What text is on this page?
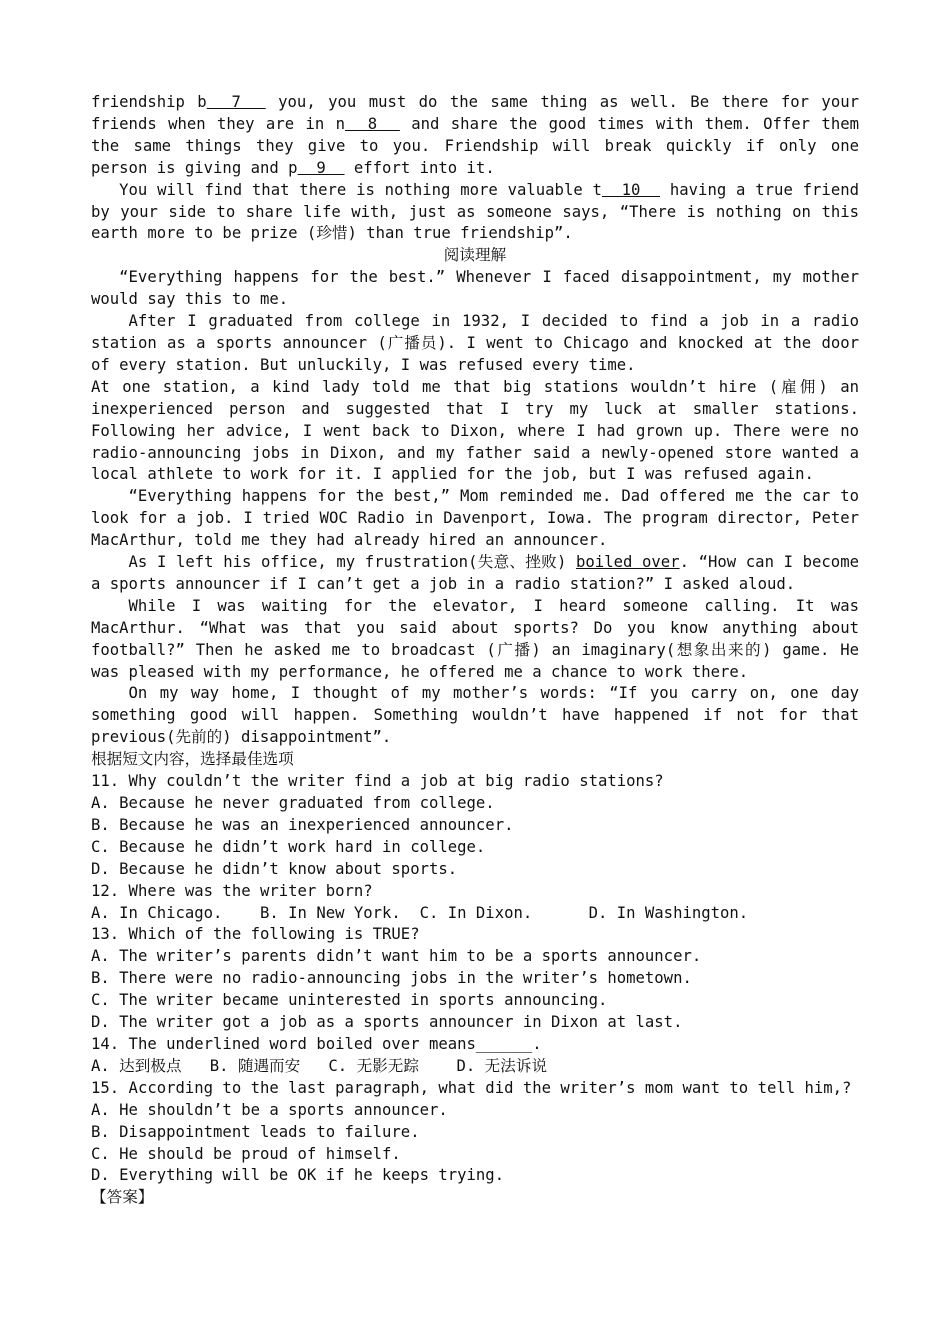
friendship b  7   you, you must do the same thing as well. Be there for your friends when they are in n  8   and share the good times with them. Offer them the same things they give to you. Friendship will break quickly if only one person is giving and p  9   effort into it.

You will find that there is nothing more valuable t  10   having a true friend by your side to share life with, just as someone says, “There is nothing on this earth more to be prize (珍惜) than true friendship”.

阅读理解

“Everything happens for the best.” Whenever I faced disappointment, my mother would say this to me.

After I graduated from college in 1932, I decided to find a job in a radio station as a sports announcer (广播员). I went to Chicago and knocked at the door of every station. But unluckily, I was refused every time.

At one station, a kind lady told me that big stations wouldn’t hire (雇佣) an inexperienced person and suggested that I try my luck at smaller stations. Following her advice, I went back to Dixon, where I had grown up. There were no radio-announcing jobs in Dixon, and my father said a newly-opened store wanted a local athlete to work for it. I applied for the job, but I was refused again.

“Everything happens for the best,” Mom reminded me. Dad offered me the car to look for a job. I tried WOC Radio in Davenport, Iowa. The program director, Peter MacArthur, told me they had already hired an announcer.

As I left his office, my frustration(失意、挫败) boiled over. “How can I become a sports announcer if I can’t get a job in a radio station?” I asked aloud.

While I was waiting for the elevator, I heard someone calling. It was MacArthur. “What was that you said about sports? Do you know anything about football?” Then he asked me to broadcast (广播) an imaginary(想象出来的) game. He was pleased with my performance, he offered me a chance to work there.

On my way home, I thought of my mother’s words: “If you carry on, one day something good will happen. Something wouldn’t have happened if not for that previous(先前的) disappointment”.

根据短文内容，选择最佳选项

11. Why couldn’t the writer find a job at big radio stations?

A. Because he never graduated from college.

B. Because he was an inexperienced announcer.

C. Because he didn’t work hard in college.

D. Because he didn’t know about sports.

12. Where was the writer born?

A. In Chicago.    B. In New York.  C. In Dixon.      D. In Washington.

13. Which of the following is TRUE?

A. The writer’s parents didn’t want him to be a sports announcer.

B. There were no radio-announcing jobs in the writer’s hometown.

C. The writer became uninterested in sports announcing.

D. The writer got a job as a sports announcer in Dixon at last.

14. The underlined word boiled over means______.

A. 达到极点   B. 随遇而安   C. 无影无踪    D. 无法诉说

15. According to the last paragraph, what did the writer’s mom want to tell him,?

A. He shouldn’t be a sports announcer.

B. Disappointment leads to failure.

C. He should be proud of himself.

D. Everything will be OK if he keeps trying.

【答案】
